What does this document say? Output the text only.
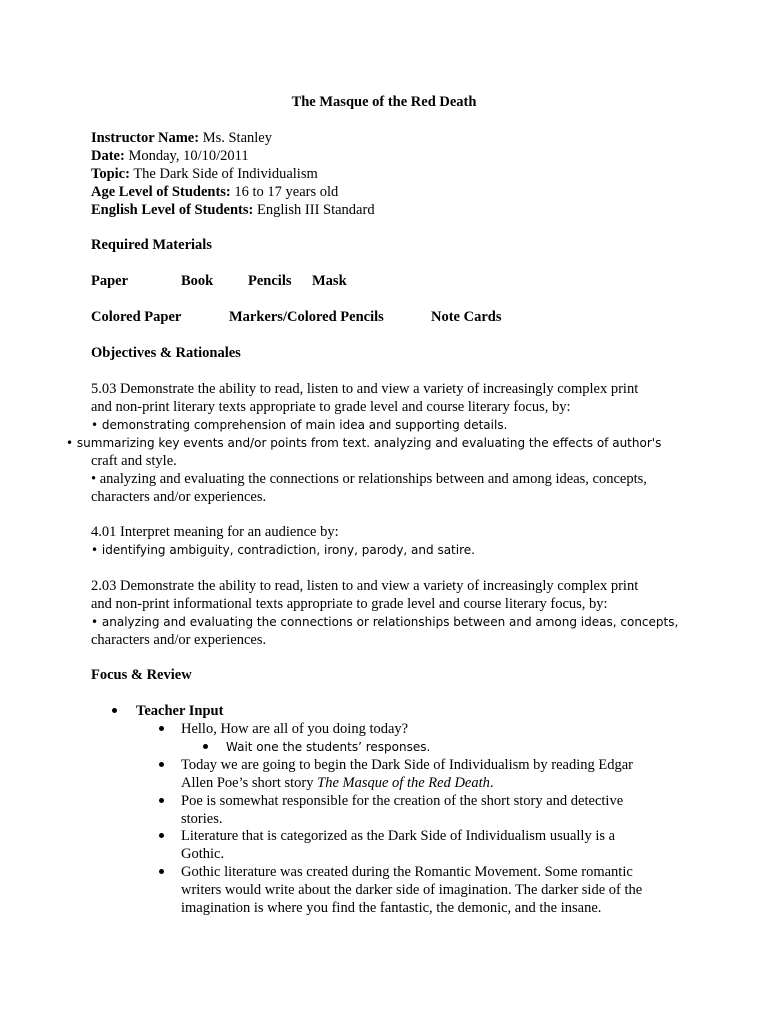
The Masque of the Red Death
Instructor Name: Ms. Stanley
Date: Monday, 10/10/2011
Topic: The Dark Side of Individualism
Age Level of Students: 16 to 17 years old
English Level of Students: English III Standard
Required Materials
Paper	Book Pencils Mask
Colored Paper	Markers/Colored Pencils	Note Cards
Objectives & Rationales
5.03 Demonstrate the ability to read, listen to and view a variety of increasingly complex print
and non-print literary texts appropriate to grade level and course literary focus, by:
• demonstrating comprehension of main idea and supporting details.
• summarizing key events and/or points from text. analyzing and evaluating the effects of author's
craft and style.
• analyzing and evaluating the connections or relationships between and among ideas, concepts,
characters and/or experiences.
4.01 Interpret meaning for an audience by:
• identifying ambiguity, contradiction, irony, parody, and satire.
2.03 Demonstrate the ability to read, listen to and view a variety of increasingly complex print
and non-print informational texts appropriate to grade level and course literary focus, by:
• analyzing and evaluating the connections or relationships between and among ideas, concepts,
characters and/or experiences.
Focus & Review
Teacher Input
Hello, How are all of you doing today?
Wait one the students’ responses.
Today we are going to begin the Dark Side of Individualism by reading Edgar
Allen Poe’s short story The Masque of the Red Death.
Poe is somewhat responsible for the creation of the short story and detective
stories.
Literature that is categorized as the Dark Side of Individualism usually is a
Gothic.
Gothic literature was created during the Romantic Movement. Some romantic
writers would write about the darker side of imagination. The darker side of the
imagination is where you find the fantastic, the demonic, and the insane.
